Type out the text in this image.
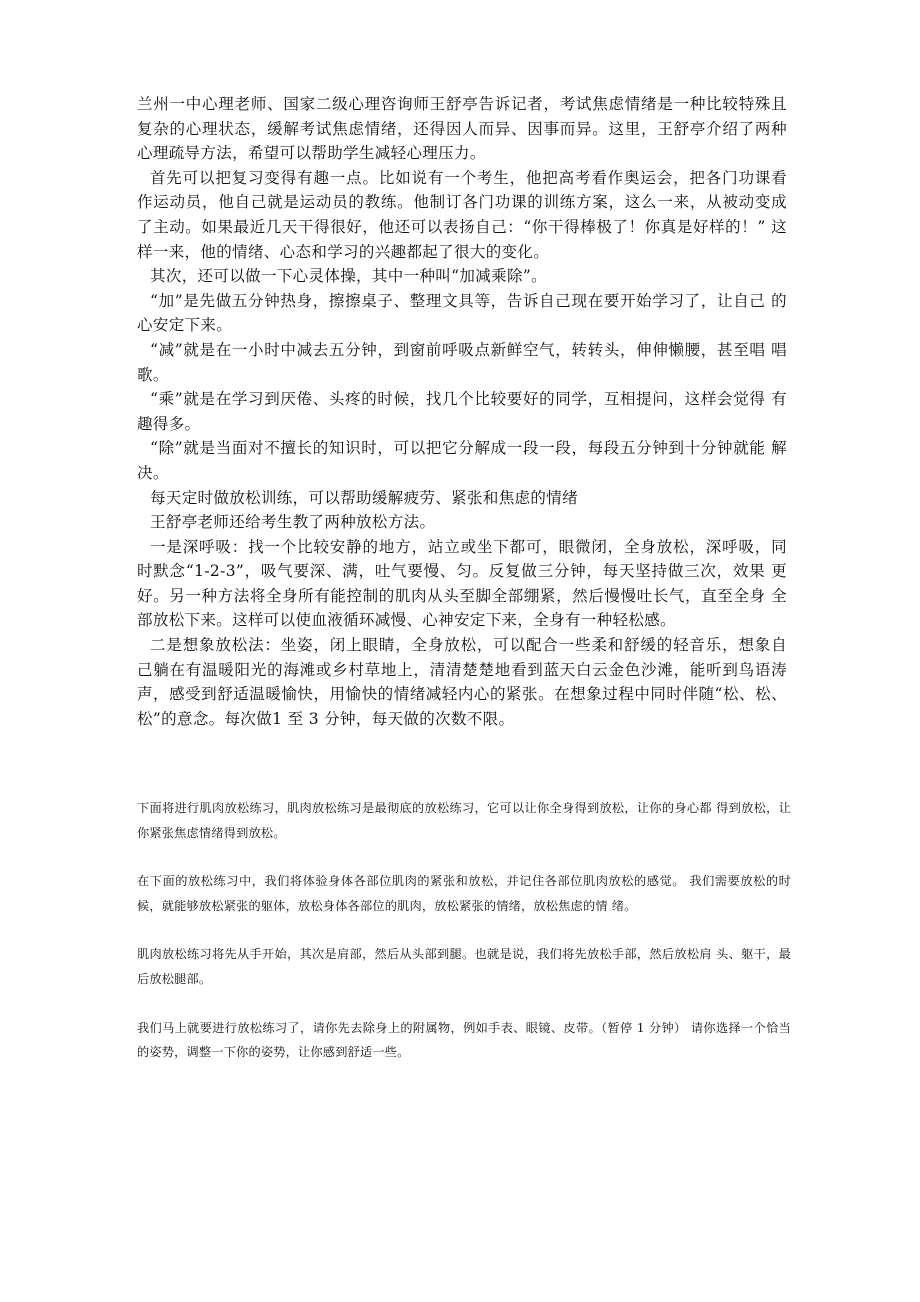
兰州一中心理老师、国家二级心理咨询师王舒亭告诉记者，考试焦虑情绪是一种比较特殊且 复杂的心理状态，缓解考试焦虑情绪，还得因人而异、因事而异。这里，王舒亭介绍了两种 心理疏导方法，希望可以帮助学生减轻心理压力。

首先可以把复习变得有趣一点。比如说有一个考生，他把高考看作奥运会，把各门功课看 作运动员，他自己就是运动员的教练。他制订各门功课的训练方案，这么一来，从被动变成 了主动。如果最近几天干得很好，他还可以表扬自己：“你干得棒极了！你真是好样的！” 这样一来，他的情绪、心态和学习的兴趣都起了很大的变化。

其次，还可以做一下心灵体操，其中一种叫“加减乘除”。

“加”是先做五分钟热身，擦擦桌子、整理文具等，告诉自己现在要开始学习了，让自己 的心安定下来。

“减”就是在一小时中减去五分钟，到窗前呼吸点新鲜空气，转转头，伸伸懒腰，甚至唱 唱歌。

“乘”就是在学习到厌倦、头疼的时候，找几个比较要好的同学，互相提问，这样会觉得 有趣得多。

“除”就是当面对不擅长的知识时，可以把它分解成一段一段，每段五分钟到十分钟就能 解决。

每天定时做放松训练，可以帮助缓解疲劳、紧张和焦虑的情绪

王舒亭老师还给考生教了两种放松方法。

一是深呼吸：找一个比较安静的地方，站立或坐下都可，眼微闭，全身放松，深呼吸，同 时默念“1-2-3”，吸气要深、满，吐气要慢、匀。反复做三分钟，每天坚持做三次，效果 更好。另一种方法将全身所有能控制的肌肉从头至脚全部绷紧，然后慢慢吐长气，直至全身 全部放松下来。这样可以使血液循环减慢、心神安定下来，全身有一种轻松感。

二是想象放松法：坐姿，闭上眼睛，全身放松，可以配合一些柔和舒缓的轻音乐，想象自 己躺在有温暖阳光的海滩或乡村草地上，清清楚楚地看到蓝天白云金色沙滩，能听到鸟语涛 声，感受到舒适温暖愉快，用愉快的情绪减轻内心的紧张。在想象过程中同时伴随“松、松、 松”的意念。每次做1 至 3 分钟，每天做的次数不限。

下面将进行肌肉放松练习，肌肉放松练习是最彻底的放松练习，它可以让你全身得到放松，让你的身心都 得到放松，让你紧张焦虑情绪得到放松。

在下面的放松练习中，我们将体验身体各部位肌肉的紧张和放松，并记住各部位肌肉放松的感觉。 我们需要放松的时候，就能够放松紧张的躯体，放松身体各部位的肌肉，放松紧张的情绪，放松焦虑的情 绪。

肌肉放松练习将先从手开始，其次是肩部，然后从头部到腿。也就是说，我们将先放松手部，然后放松肩 头、躯干，最后放松腿部。

我们马上就要进行放松练习了，请你先去除身上的附属物，例如手表、眼镜、皮带。（暂停 1 分钟） 请你选择一个恰当的姿势，调整一下你的姿势，让你感到舒适一些。
